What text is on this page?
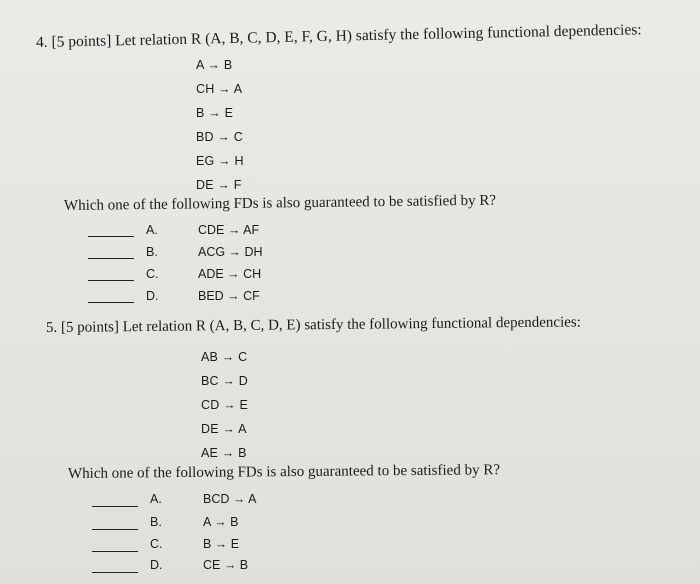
4. [5 points] Let relation R (A, B, C, D, E, F, G, H) satisfy the following functional dependencies:
A → B
CH → A
B → E
BD → C
EG → H
DE → F
Which one of the following FDs is also guaranteed to be satisfied by R?
A.	CDE → AF
B.	ACG → DH
C.	ADE → CH
D.	BED → CF
5. [5 points] Let relation R (A, B, C, D, E) satisfy the following functional dependencies:
AB → C
BC → D
CD → E
DE → A
AE → B
Which one of the following FDs is also guaranteed to be satisfied by R?
A.	BCD → A
B.	A → B
C.	B → E
D.	CE → B
